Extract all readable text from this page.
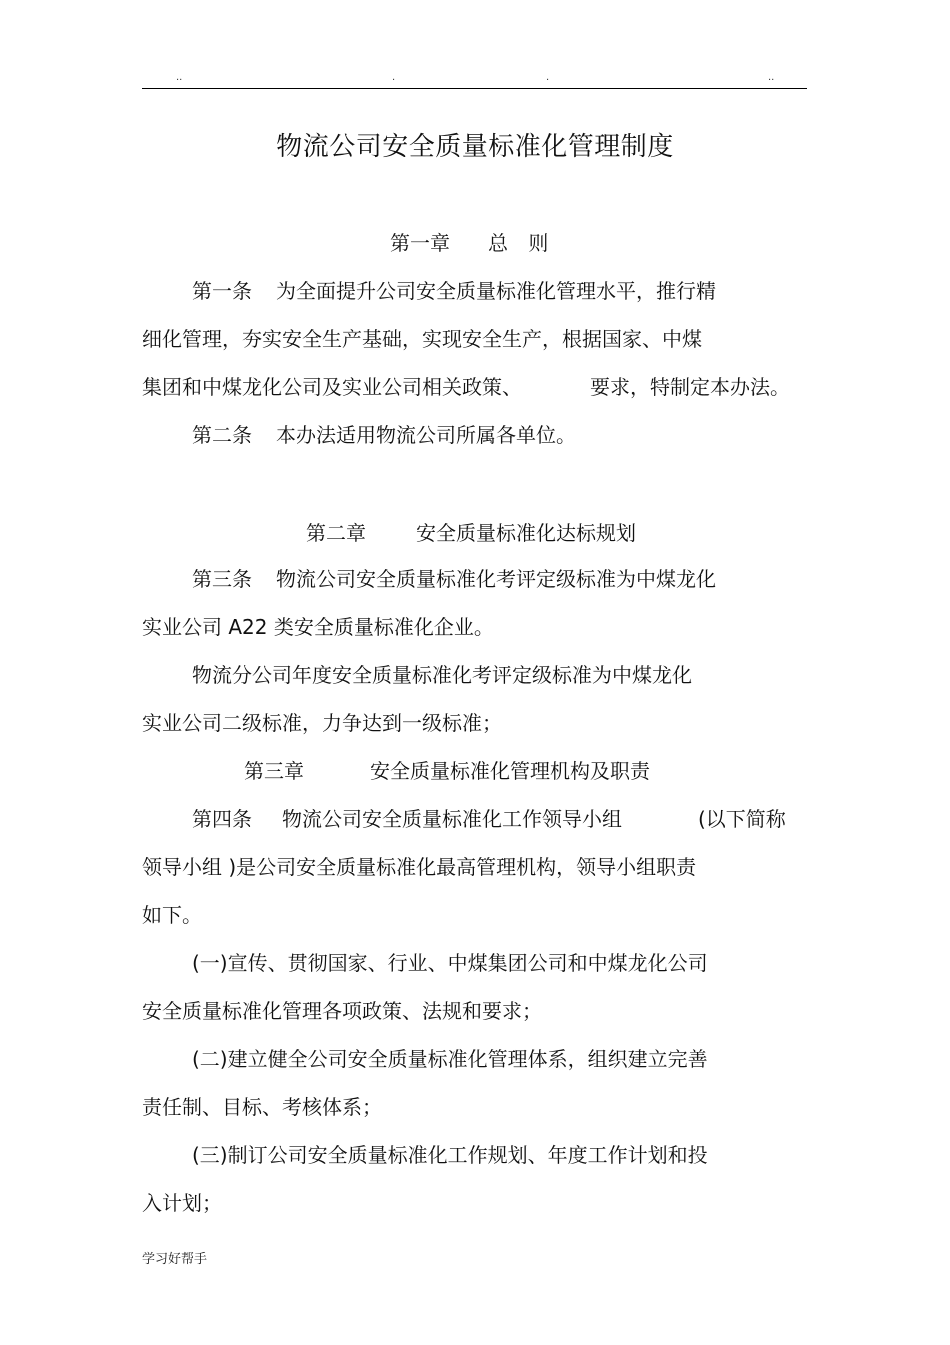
..	.	.	..
物流公司安全质量标准化管理制度
第一章 总 则
第一条 为全面提升公司安全质量标准化管理水平，推行精
细化管理，夯实安全生产基础，实现安全生产，根据国家、中煤
集团和中煤龙化公司及实业公司相关政策、	要求，特制定本办法。
第二条 本办法适用物流公司所属各单位。
第二章	安全质量标准化达标规划
第三条 物流公司安全质量标准化考评定级标准为中煤龙化
实业公司 A22 类安全质量标准化企业。
物流分公司年度安全质量标准化考评定级标准为中煤龙化
实业公司二级标准，力争达到一级标准；
第三章	安全质量标准化管理机构及职责
第四条 物流公司安全质量标准化工作领导小组	(以下简称
领导小组 )是公司安全质量标准化最高管理机构，领导小组职责
如下。
(一)宣传、贯彻国家、行业、中煤集团公司和中煤龙化公司
安全质量标准化管理各项政策、法规和要求；
(二)建立健全公司安全质量标准化管理体系，组织建立完善
责任制、目标、考核体系；
(三)制订公司安全质量标准化工作规划、年度工作计划和投
入计划；
学习好帮手
